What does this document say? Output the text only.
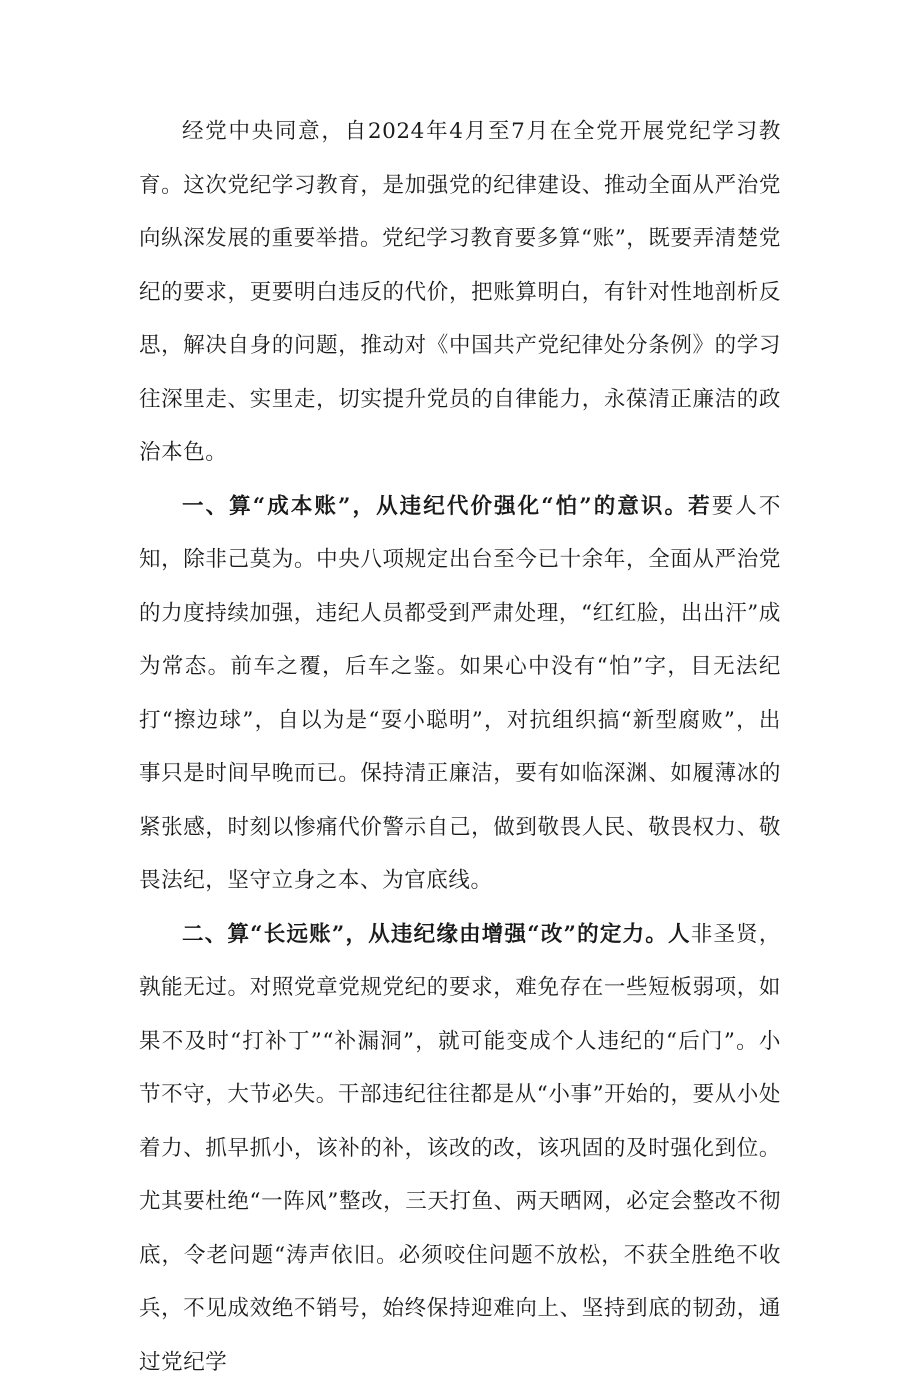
经党中央同意，自2024年4月至7月在全党开展党纪学习教育。这次党纪学习教育，是加强党的纪律建设、推动全面从严治党向纵深发展的重要举措。党纪学习教育要多算“账”，既要弄清楚党纪的要求，更要明白违反的代价，把账算明白，有针对性地剖析反思，解决自身的问题，推动对《中国共产党纪律处分条例》的学习往深里走、实里走，切实提升党员的自律能力，永葆清正廉洁的政治本色。

一、算“成本账”，从违纪代价强化“怕”的意识。若要人不知，除非己莫为。中央八项规定出台至今已十余年，全面从严治党的力度持续加强，违纪人员都受到严肃处理，“红红脸，出出汗”成为常态。前车之覆，后车之鉴。如果心中没有“怕”字，目无法纪打“擦边球”，自以为是“耍小聪明”，对抗组织搞“新型腐败”，出事只是时间早晚而已。保持清正廉洁，要有如临深渊、如履薄冰的紧张感，时刻以惨痛代价警示自己，做到敬畏人民、敬畏权力、敬畏法纪，坚守立身之本、为官底线。

二、算“长远账”，从违纪缘由增强“改”的定力。人非圣贤，孰能无过。对照党章党规党纪的要求，难免存在一些短板弱项，如果不及时“打补丁”“补漏洞”，就可能变成个人违纪的“后门”。小节不守，大节必失。干部违纪往往都是从“小事”开始的，要从小处着力、抓早抓小，该补的补，该改的改，该巩固的及时强化到位。尤其要杜绝“一阵风”整改，三天打鱼、两天晒网，必定会整改不彻底，令老问题“涛声依旧。必须咬住问题不放松，不获全胜绝不收兵，不见成效绝不销号，始终保持迎难向上、坚持到底的韧劲，通过党纪学
